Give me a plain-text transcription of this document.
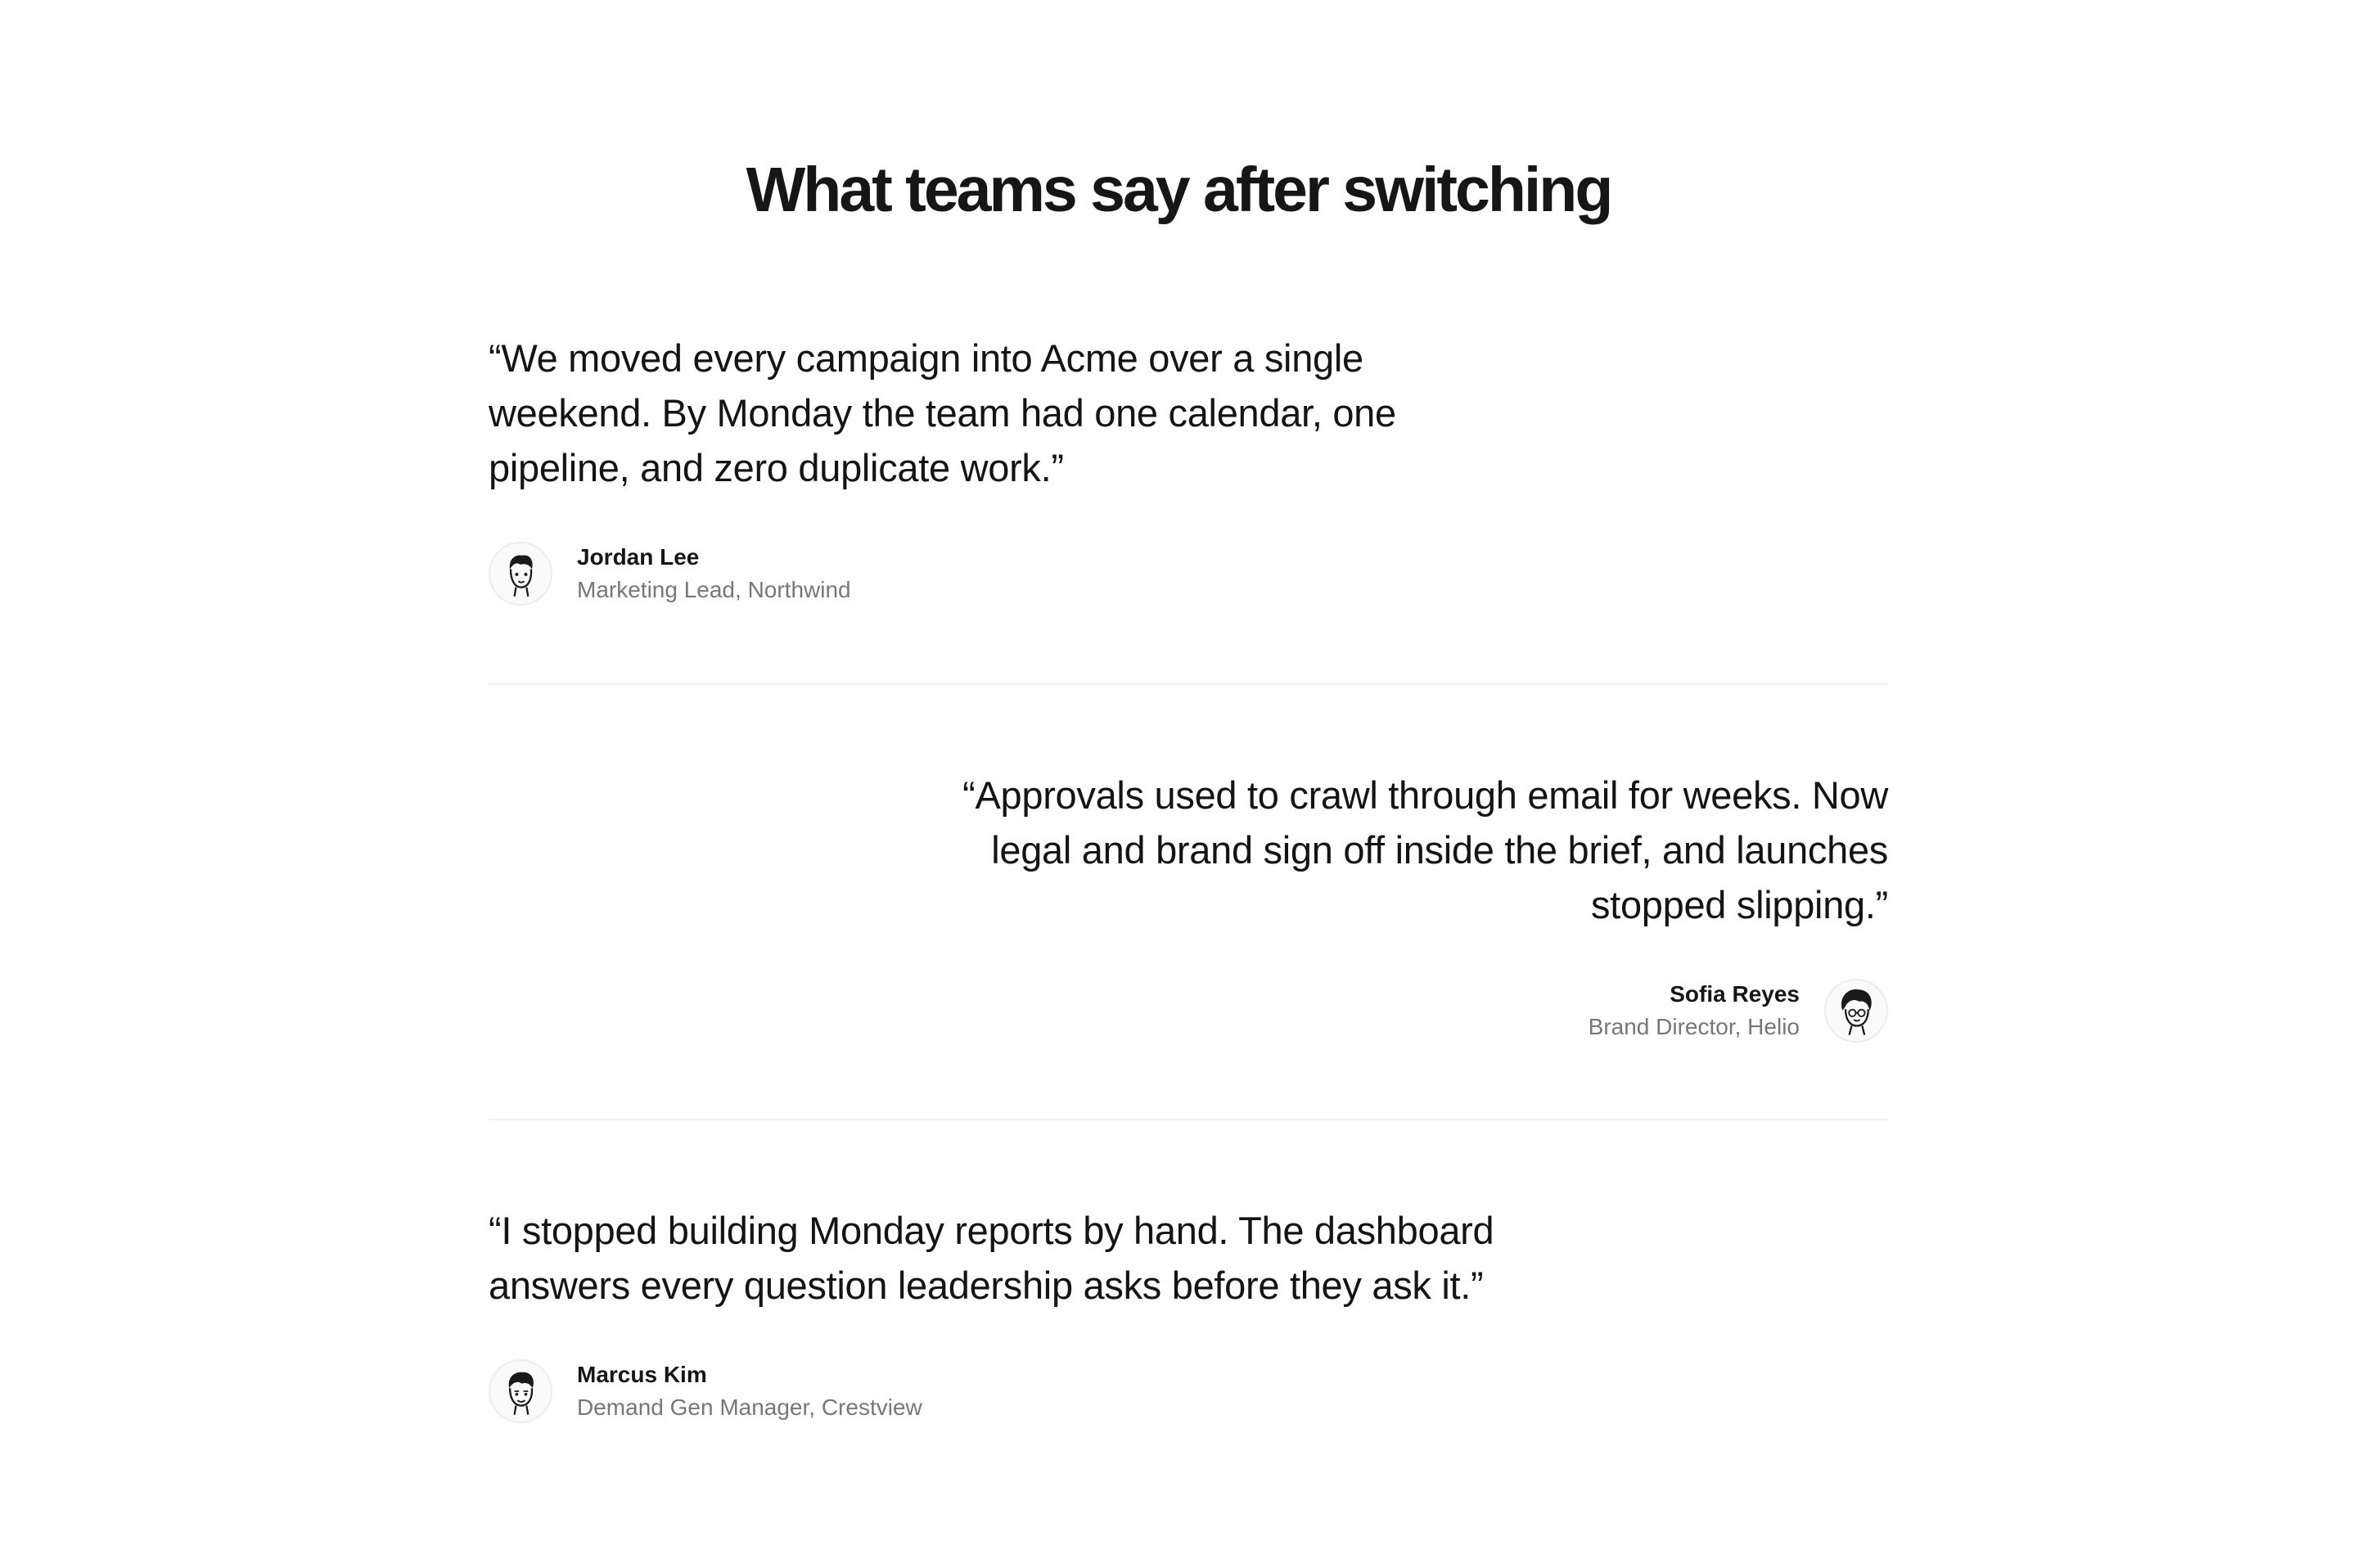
What teams say after switching

“We moved every campaign into Acme over a single weekend. By Monday the team had one calendar, one pipeline, and zero duplicate work.”

Jordan Lee
Marketing Lead, Northwind

“Approvals used to crawl through email for weeks. Now legal and brand sign off inside the brief, and launches stopped slipping.”

Sofia Reyes
Brand Director, Helio

“I stopped building Monday reports by hand. The dashboard answers every question leadership asks before they ask it.”

Marcus Kim
Demand Gen Manager, Crestview
